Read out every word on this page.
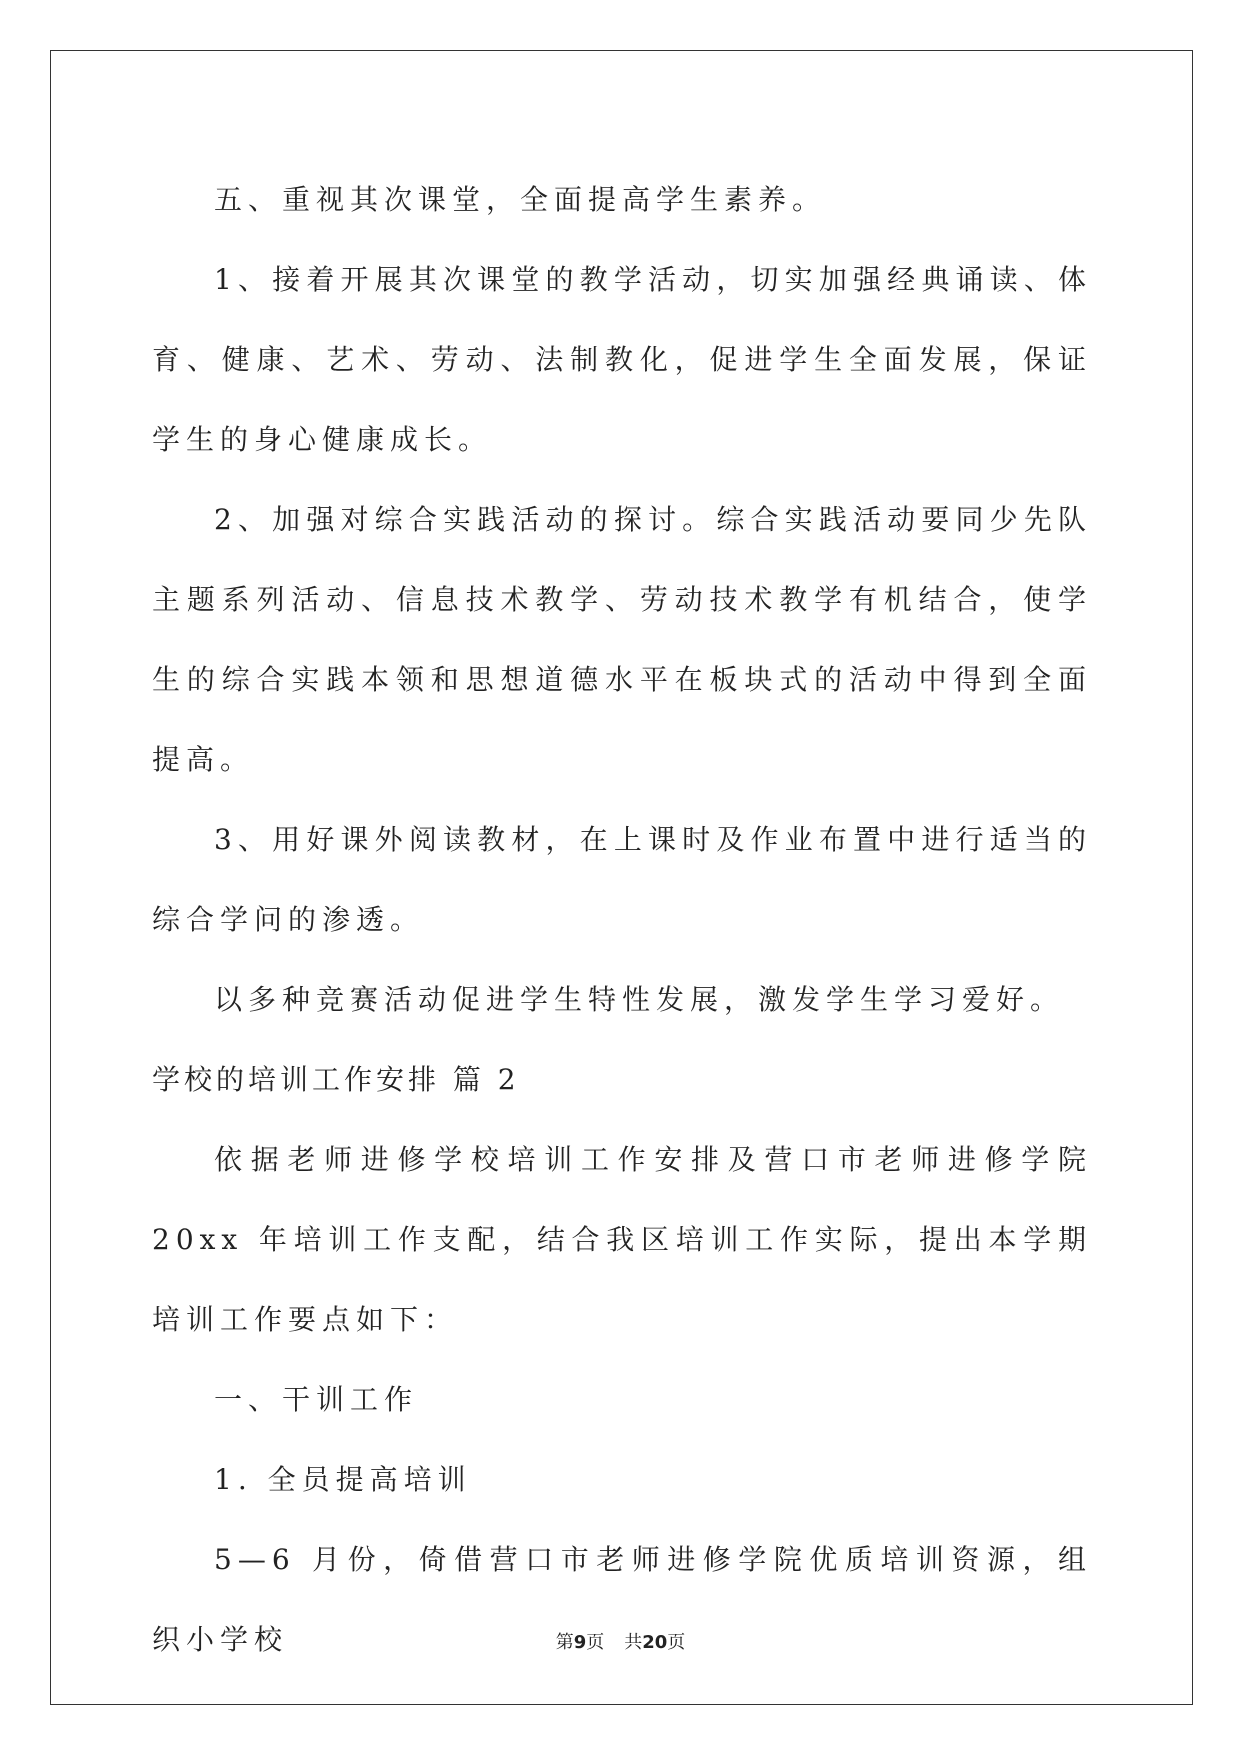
五、重视其次课堂，全面提高学生素养。

1、接着开展其次课堂的教学活动，切实加强经典诵读、体育、健康、艺术、劳动、法制教化，促进学生全面发展，保证学生的身心健康成长。

2、加强对综合实践活动的探讨。综合实践活动要同少先队主题系列活动、信息技术教学、劳动技术教学有机结合，使学生的综合实践本领和思想道德水平在板块式的活动中得到全面提高。

3、用好课外阅读教材，在上课时及作业布置中进行适当的综合学问的渗透。

以多种竞赛活动促进学生特性发展，激发学生学习爱好。

学校的培训工作安排 篇 2

依据老师进修学校培训工作安排及营口市老师进修学院 20xx 年培训工作支配，结合我区培训工作实际，提出本学期培训工作要点如下：

一、干训工作

1. 全员提高培训

5—6 月份，倚借营口市老师进修学院优质培训资源，组织小学校	第9页 共20页
